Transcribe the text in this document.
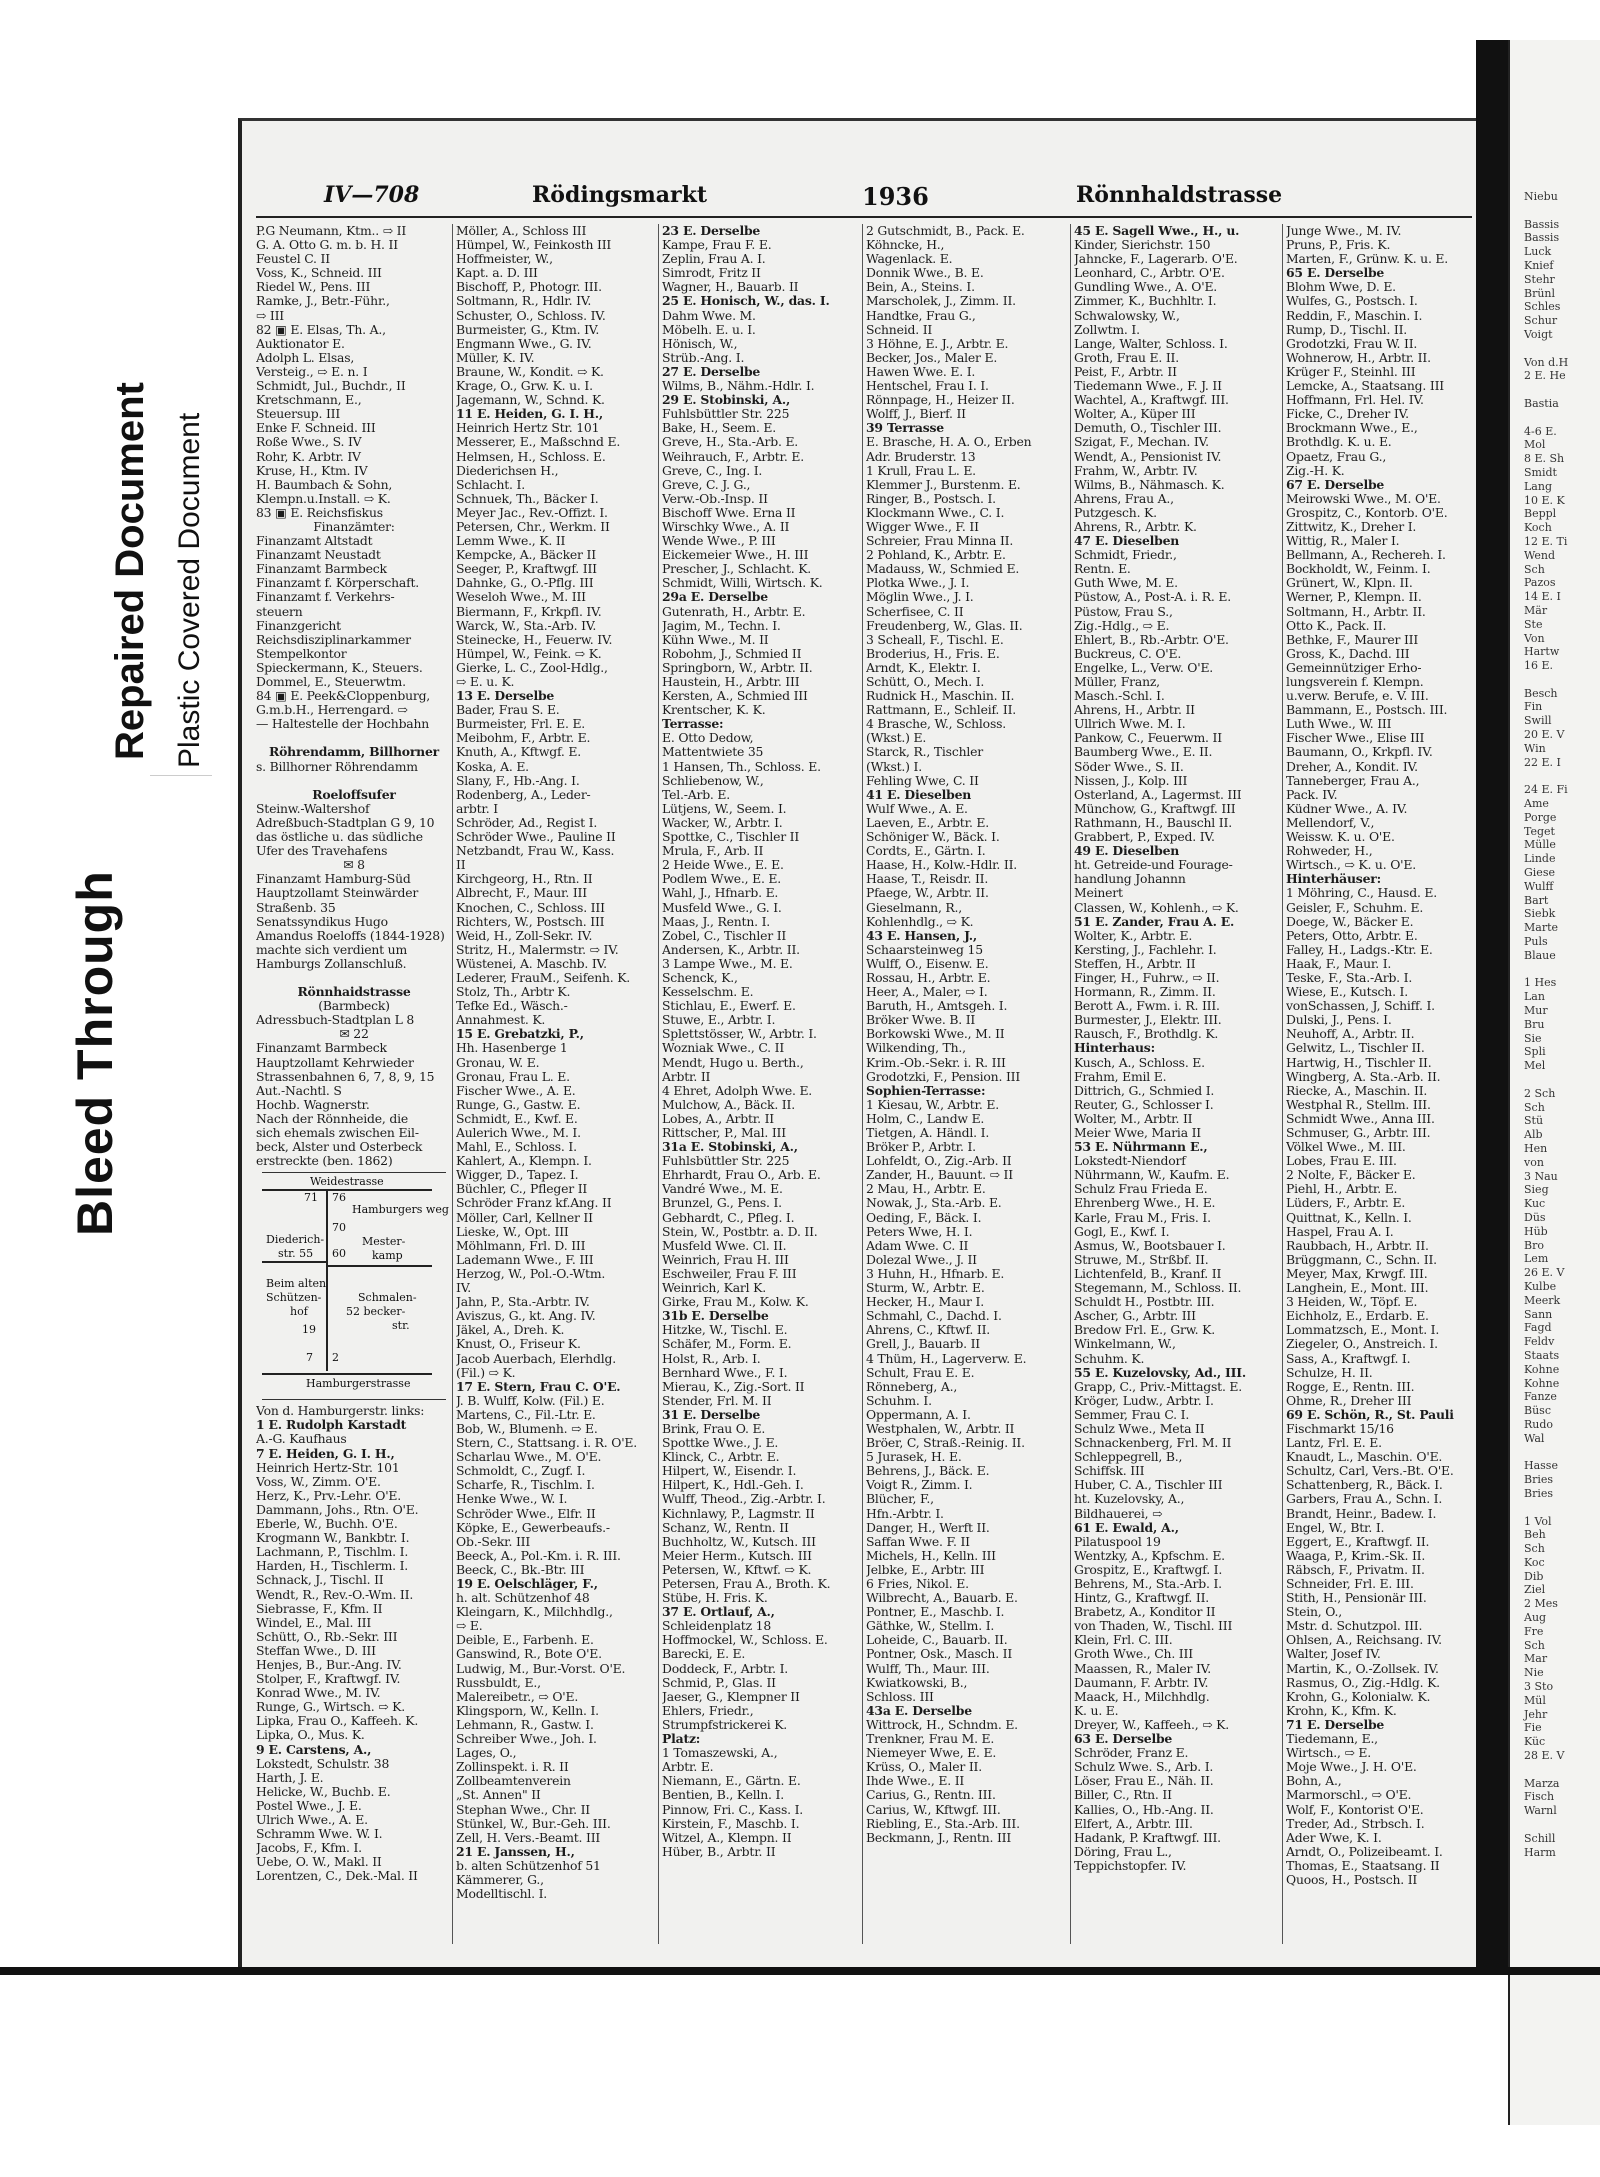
Bleed Through
Repaired Document Plastic Covered Document
IV—708	Rödingsmarkt	1936	Rönnhaldstrasse
P.G Neumann, Ktm.. ⇨ II
G. A. Otto G. m. b. H. II
Feustel C. II
Voss, K., Schneid. III
Riedel W., Pens. III
Ramke, J., Betr.-Führ.,
⇨ III
82 ▣ E. Elsas, Th. A.,
Auktionator E.
Adolph L. Elsas,
Versteig., ⇨ E. n. I
Schmidt, Jul., Buchdr., II
Kretschmann, E.,
Steuersup. III
Enke F. Schneid. III
Roße Wwe., S. IV
Rohr, K. Arbtr. IV
Kruse, H., Ktm. IV
H. Baumbach & Sohn,
Klempn.u.Install. ⇨ K.
83 ▣ E. Reichsfiskus
Finanzämter:
Finanzamt Altstadt
Finanzamt Neustadt
Finanzamt Barmbeck
Finanzamt f. Körperschaft.
Finanzamt f. Verkehrs-
steuern
Finanzgericht
Reichsdisziplinarkammer
Stempelkontor
Spieckermann, K., Steuers.
Dommel, E., Steuerwtm.
84 ▣ E. Peek&Cloppenburg,
G.m.b.H., Herrengard. ⇨
— Haltestelle der Hochbahn
Röhrendamm, Billhorner
s. Billhorner Röhrendamm
Roeloffsufer
Steinw.-Waltershof
Adreßbuch-Stadtplan G 9, 10
das östliche u. das südliche
Ufer des Travehafens
✉ 8
Finanzamt Hamburg-Süd
Hauptzollamt Steinwärder
Straßenb. 35
Senatssyndikus Hugo
Amandus Roeloffs (1844-1928)
machte sich verdient um
Hamburgs Zollanschluß.
Rönnhaidstrasse
(Barmbeck)
Adressbuch-Stadtplan L 8
✉ 22
Finanzamt Barmbeck
Hauptzollamt Kehrwieder
Strassenbahnen 6, 7, 8, 9, 15
Aut.-Nachtl. S
Hochb. Wagnerstr.
Nach der Rönnheide, die
sich ehemals zwischen Eil-
beck, Alster und Osterbeck
erstreckte (ben. 1862)
Weidestrasse
71 76
Hamburgers weg
70
Mester-
kamp
60
Diederich-
str. 55
Beim alten
Schützen-
hof
19
Schmalen-
52 becker-
str.
7 2
Hamburgerstrasse
Von d. Hamburgerstr. links:
1 E. Rudolph Karstadt
A.-G. Kaufhaus
7 E. Heiden, G. I. H.,
Heinrich Hertz-Str. 101
Voss, W., Zimm. O'E.
Herz, K., Prv.-Lehr. O'E.
Dammann, Johs., Rtn. O'E.
Eberle, W., Buchh. O'E.
Krogmann W., Bankbtr. I.
Lachmann, P., Tischlm. I.
Harden, H., Tischlerm. I.
Schnack, J., Tischl. II
Wendt, R., Rev.-O.-Wm. II.
Siebrasse, F., Kfm. II
Windel, E., Mal. III
Schütt, O., Rb.-Sekr. III
Steffan Wwe., D. III
Henjes, B., Bur.-Ang. IV.
Stolper, F., Kraftwgf. IV.
Konrad Wwe., M. IV.
Runge, G., Wirtsch. ⇨ K.
Lipka, Frau O., Kaffeeh. K.
Lipka, O., Mus. K.
9 E. Carstens, A.,
Lokstedt, Schulstr. 38
Harth, J. E.
Helicke, W., Buchb. E.
Postel Wwe., J. E.
Ulrich Wwe., A. E.
Schramm Wwe. W. I.
Jacobs, F., Kfm. I.
Uebe, O. W., Makl. II
Lorentzen, C., Dek.-Mal. II
Möller, A., Schloss III
Hümpel, W., Feinkosth III
Hoffmeister, W.,
Kapt. a. D. III
Bischoff, P., Photogr. III.
Soltmann, R., Hdlr. IV.
Schuster, O., Schloss. IV.
Burmeister, G., Ktm. IV.
Engmann Wwe., G. IV.
Müller, K. IV.
Braune, W., Kondit. ⇨ K.
Krage, O., Grw. K. u. I.
Jagemann, W., Schnd. K.
11 E. Heiden, G. I. H.,
Heinrich Hertz Str. 101
Messerer, E., Maßschnd E.
Helmsen, H., Schloss. E.
Diederichsen H.,
Schlacht. I.
Schnuek, Th., Bäcker I.
Meyer Jac., Rev.-Offizt. I.
Petersen, Chr., Werkm. II
Lemm Wwe., K. II
Kempcke, A., Bäcker II
Seeger, P., Kraftwgf. III
Dahnke, G., O.-Pflg. III
Weseloh Wwe., M. III
Biermann, F., Krkpfl. IV.
Warck, W., Sta.-Arb. IV.
Steinecke, H., Feuerw. IV.
Hümpel, W., Feink. ⇨ K.
Gierke, L. C., Zool-Hdlg.,
⇨ E. u. K.
13 E. Derselbe
Bader, Frau S. E.
Burmeister, Frl. E. E.
Meibohm, F., Arbtr. E.
Knuth, A., Kftwgf. E.
Koska, A. E.
Slany, F., Hb.-Ang. I.
Rodenberg, A., Leder-
arbtr. I
Schröder, Ad., Regist I.
Schröder Wwe., Pauline II
Netzbandt, Frau W., Kass.
II
Kirchgeorg, H., Rtn. II
Albrecht, F., Maur. III
Knochen, C., Schloss. III
Richters, W., Postsch. III
Weid, H., Zoll-Sekr. IV.
Stritz, H., Malermstr. ⇨ IV.
Wüstenei, A. Maschb. IV.
Lederer, FrauM., Seifenh. K.
Stolz, Th., Arbtr K.
Tefke Ed., Wäsch.-
Annahmest. K.
15 E. Grebatzki, P.,
Hh. Hasenberge 1
Gronau, W. E.
Gronau, Frau L. E.
Fischer Wwe., A. E.
Runge, G., Gastw. E.
Schmidt, E., Kwf. E.
Aulerich Wwe., M. I.
Mahl, E., Schloss. I.
Kahlert, A., Klempn. I.
Wigger, D., Tapez. I.
Büchler, C., Pfleger II
Schröder Franz kf.Ang. II
Möller, Carl, Kellner II
Lieske, W., Opt. III
Möhlmann, Frl. D. III
Lademann Wwe., F. III
Herzog, W., Pol.-O.-Wtm.
IV.
Jahn, P., Sta.-Arbtr. IV.
Aviszus, G., kt. Ang. IV.
Jäkel, A., Dreh. K.
Knust, O., Friseur K.
Jacob Auerbach, Elerhdlg.
(Fil.) ⇨ K.
17 E. Stern, Frau C. O'E.
J. B. Wulff, Kolw. (Fil.) E.
Martens, C., Fil.-Ltr. E.
Bob, W., Blumenh. ⇨ E.
Stern, C., Stattsang. i. R. O'E.
Scharlau Wwe., M. O'E.
Schmoldt, C., Zugf. I.
Scharfe, R., Tischlm. I.
Henke Wwe., W. I.
Schröder Wwe., Elfr. II
Köpke, E., Gewerbeaufs.-
Ob.-Sekr. III
Beeck, A., Pol.-Km. i. R. III.
Beeck, C., Bk.-Btr. III
19 E. Oelschläger, F.,
h. alt. Schützenhof 48
Kleingarn, K., Milchhdlg.,
⇨ E.
Deible, E., Farbenh. E.
Ganswind, R., Bote O'E.
Ludwig, M., Bur.-Vorst. O'E.
Russbuldt, E.,
Malereibetr., ⇨ O'E.
Klingsporn, W., Kelln. I.
Lehmann, R., Gastw. I.
Schreiber Wwe., Joh. I.
Lages, O.,
Zollinspekt. i. R. II
Zollbeamtenverein
„St. Annen" II
Stephan Wwe., Chr. II
Stünkel, W., Bur.-Geh. III.
Zell, H. Vers.-Beamt. III
21 E. Janssen, H.,
b. alten Schützenhof 51
Kämmerer, G.,
Modelltischl. I.
23 E. Derselbe
Kampe, Frau F. E.
Zeplin, Frau A. I.
Simrodt, Fritz II
Wagner, H., Bauarb. II
25 E. Honisch, W., das. I.
Dahm Wwe. M.
Möbelh. E. u. I.
Hönisch, W.,
Strüb.-Ang. I.
27 E. Derselbe
Wilms, B., Nähm.-Hdlr. I.
29 E. Stobinski, A.,
Fuhlsbüttler Str. 225
Bake, H., Seem. E.
Greve, H., Sta.-Arb. E.
Weihrauch, F., Arbtr. E.
Greve, C., Ing. I.
Greve, C. J. G.,
Verw.-Ob.-Insp. II
Bischoff Wwe. Erna II
Wirschky Wwe., A. II
Wende Wwe., P. III
Eickemeier Wwe., H. III
Prescher, J., Schlacht. K.
Schmidt, Willi, Wirtsch. K.
29a E. Derselbe
Gutenrath, H., Arbtr. E.
Jagim, M., Techn. I.
Kühn Wwe., M. II
Robohm, J., Schmied II
Springborn, W., Arbtr. II.
Haustein, H., Arbtr. III
Kersten, A., Schmied III
Krentscher, K. K.
Terrasse:
E. Otto Dedow,
Mattentwiete 35
1 Hansen, Th., Schloss. E.
Schliebenow, W.,
Tel.-Arb. E.
Lütjens, W., Seem. I.
Wacker, W., Arbtr. I.
Spottke, C., Tischler II
Mrula, F., Arb. II
2 Heide Wwe., E. E.
Podlem Wwe., E. E.
Wahl, J., Hfnarb. E.
Musfeld Wwe., G. I.
Maas, J., Rentn. I.
Zobel, C., Tischler II
Andersen, K., Arbtr. II.
3 Lampe Wwe., M. E.
Schenck, K.,
Kesselschm. E.
Stichlau, E., Ewerf. E.
Stuwe, E., Arbtr. I.
Splettstösser, W., Arbtr. I.
Wozniak Wwe., C. II
Mendt, Hugo u. Berth.,
Arbtr. II
4 Ehret, Adolph Wwe. E.
Mulchow, A., Bäck. II.
Lobes, A., Arbtr. II
Rittscher, P., Mal. III
31a E. Stobinski, A.,
Fuhlsbüttler Str. 225
Ehrhardt, Frau O., Arb. E.
Vandré Wwe., M. E.
Brunzel, G., Pens. I.
Gebhardt, C., Pfleg. I.
Stein, W., Postbtr. a. D. II.
Musfeld Wwe. Cl. II.
Weinrich, Frau H. III
Eschweiler, Frau F. III
Weinrich, Karl K.
Girke, Frau M., Kolw. K.
31b E. Derselbe
Hitzke, W., Tischl. E.
Schäfer, M., Form. E.
Holst, R., Arb. I.
Bernhard Wwe., F. I.
Mierau, K., Zig.-Sort. II
Stender, Frl. M. II
31 E. Derselbe
Brink, Frau O. E.
Spottke Wwe., J. E.
Klinck, C., Arbtr. E.
Hilpert, W., Eisendr. I.
Hilpert, K., Hdl.-Geh. I.
Wulff, Theod., Zig.-Arbtr. I.
Kichnlawy, P., Lagmstr. II
Schanz, W., Rentn. II
Buchholtz, W., Kutsch. III
Meier Herm., Kutsch. III
Petersen, W., Kftwf. ⇨ K.
Petersen, Frau A., Broth. K.
Stübe, H. Fris. K.
37 E. Ortlauf, A.,
Schleidenplatz 18
Hoffmockel, W., Schloss. E.
Barecki, E. E.
Doddeck, F., Arbtr. I.
Schmid, P., Glas. II
Jaeser, G., Klempner II
Ehlers, Friedr.,
Strumpfstrickerei K.
Platz:
1 Tomaszewski, A.,
Arbtr. E.
Niemann, E., Gärtn. E.
Bentien, B., Kelln. I.
Pinnow, Fri. C., Kass. I.
Kirstein, F., Maschb. I.
Witzel, A., Klempn. II
Hüber, B., Arbtr. II
2 Gutschmidt, B., Pack. E.
Köhncke, H.,
Wagenlack. E.
Donnik Wwe., B. E.
Bein, A., Steins. I.
Marscholek, J., Zimm. II.
Handtke, Frau G.,
Schneid. II
3 Höhne, E. J., Arbtr. E.
Becker, Jos., Maler E.
Hawen Wwe. E. I.
Hentschel, Frau I. I.
Rönnpage, H., Heizer II.
Wolff, J., Bierf. II
39 Terrasse
E. Brasche, H. A. O., Erben
Adr. Bruderstr. 13
1 Krull, Frau L. E.
Klemmer J., Burstenm. E.
Ringer, B., Postsch. I.
Klockmann Wwe., C. I.
Wigger Wwe., F. II
Schreier, Frau Minna II.
2 Pohland, K., Arbtr. E.
Madauss, W., Schmied E.
Plotka Wwe., J. I.
Möglin Wwe., J. I.
Scherfisee, C. II
Freudenberg, W., Glas. II.
3 Scheall, F., Tischl. E.
Broderius, H., Fris. E.
Arndt, K., Elektr. I.
Schütt, O., Mech. I.
Rudnick H., Maschin. II.
Rattmann, E., Schleif. II.
4 Brasche, W., Schloss.
(Wkst.) E.
Starck, R., Tischler
(Wkst.) I.
Fehling Wwe, C. II
41 E. Dieselben
Wulf Wwe., A. E.
Laeven, E., Arbtr. E.
Schöniger W., Bäck. I.
Cordts, E., Gärtn. I.
Haase, H., Kolw.-Hdlr. II.
Haase, T., Reisdr. II.
Pfaege, W., Arbtr. II.
Gieselmann, R.,
Kohlenhdlg., ⇨ K.
43 E. Hansen, J.,
Schaarsteinweg 15
Wulff, O., Eisenw. E.
Rossau, H., Arbtr. E.
Heer, A., Maler, ⇨ I.
Baruth, H., Amtsgeh. I.
Bröker Wwe. B. II
Borkowski Wwe., M. II
Wilkending, Th.,
Krim.-Ob.-Sekr. i. R. III
Grodotzki, F., Pension. III
Sophien-Terrasse:
1 Kiesau, W., Arbtr. E.
Holm, C., Landw E.
Tietgen, A. Händl. I.
Bröker P., Arbtr. I.
Lohfeldt, O., Zig.-Arb. II
Zander, H., Bauunt. ⇨ II
2 Mau, H., Arbtr. E.
Nowak, J., Sta.-Arb. E.
Oeding, F., Bäck. I.
Peters Wwe, H. I.
Adam Wwe. C. II
Dolezal Wwe., J. II
3 Huhn, H., Hfnarb. E.
Sturm, W., Arbtr. E.
Hecker, H., Maur I.
Schmahl, C., Dachd. I.
Ahrens, C., Kftwf. II.
Grell, J., Bauarb. II
4 Thüm, H., Lagerverw. E.
Schult, Frau E. E.
Rönneberg, A.,
Schuhm. I.
Oppermann, A. I.
Westphalen, W., Arbtr. II
Bröer, C, Straß.-Reinig. II.
5 Jurasek, H. E.
Behrens, J., Bäck. E.
Voigt R., Zimm. I.
Blücher, F.,
Hfn.-Arbtr. I.
Danger, H., Werft II.
Saffan Wwe. F. II
Michels, H., Kelln. III
Jelbke, E., Arbtr. III
6 Fries, Nikol. E.
Wilbrecht, A., Bauarb. E.
Pontner, E., Maschb. I.
Gäthke, W., Stellm. I.
Loheide, C., Bauarb. II.
Pontner, Osk., Masch. II
Wulff, Th., Maur. III.
Kwiatkowski, B.,
Schloss. III
43a E. Derselbe
Wittrock, H., Schndm. E.
Trenkner, Frau M. E.
Niemeyer Wwe, E. E.
Krüss, O., Maler II.
Ihde Wwe., E. II
Carius, G., Rentn. III.
Carius, W., Kftwgf. III.
Riebling, E., Sta.-Arb. III.
Beckmann, J., Rentn. III
45 E. Sagell Wwe., H., u.
Kinder, Sierichstr. 150
Jahncke, F., Lagerarb. O'E.
Leonhard, C., Arbtr. O'E.
Gundling Wwe., A. O'E.
Zimmer, K., Buchhltr. I.
Schwalowsky, W.,
Zollwtm. I.
Lange, Walter, Schloss. I.
Groth, Frau E. II.
Peist, F., Arbtr. II
Tiedemann Wwe., F. J. II
Wachtel, A., Kraftwgf. III.
Wolter, A., Küper III
Demuth, O., Tischler III.
Szigat, F., Mechan. IV.
Wendt, A., Pensionist IV.
Frahm, W., Arbtr. IV.
Wilms, B., Nähmasch. K.
Ahrens, Frau A.,
Putzgesch. K.
Ahrens, R., Arbtr. K.
47 E. Dieselben
Schmidt, Friedr.,
Rentn. E.
Guth Wwe, M. E.
Püstow, A., Post-A. i. R. E.
Püstow, Frau S.,
Zig.-Hdlg., ⇨ E.
Ehlert, B., Rb.-Arbtr. O'E.
Buckreus, C. O'E.
Engelke, L., Verw. O'E.
Müller, Franz,
Masch.-Schl. I.
Ahrens, H., Arbtr. II
Ullrich Wwe. M. I.
Pankow, C., Feuerwm. II
Baumberg Wwe., E. II.
Söder Wwe., S. II.
Nissen, J., Kolp. III
Osterland, A., Lagermst. III
Münchow, G., Kraftwgf. III
Rathmann, H., Bauschl II.
Grabbert, P., Exped. IV.
49 E. Dieselben
ht. Getreide-und Fourage-
handlung Johannn
Meinert
Classen, W., Kohlenh., ⇨ K.
51 E. Zander, Frau A. E.
Wolter, K., Arbtr. E.
Kersting, J., Fachlehr. I.
Steffen, H., Arbtr. II
Finger, H., Fuhrw., ⇨ II.
Hormann, R., Zimm. II.
Berott A., Fwm. i. R. III.
Burmester, J., Elektr. III.
Rausch, F., Brothdlg. K.
Hinterhaus:
Kusch, A., Schloss. E.
Frahm, Emil E.
Dittrich, G., Schmied I.
Reuter, G., Schlosser I.
Wolter, M., Arbtr. II
Meier Wwe, Maria II
53 E. Nührmann E.,
Lokstedt-Niendorf
Nührmann, W., Kaufm. E.
Schulz Frau Frieda E.
Ehrenberg Wwe., H. E.
Karle, Frau M., Fris. I.
Gogl, E., Kwf. I.
Asmus, W., Bootsbauer I.
Struwe, M., Strßbf. II.
Lichtenfeld, B., Kranf. II
Stegemann, M., Schloss. II.
Schuldt H., Postbtr. III.
Ascher, G., Arbtr. III
Bredow Frl. E., Grw. K.
Winkelmann, W.,
Schuhm. K.
55 E. Kuzelovsky, Ad., III.
Grapp, C., Priv.-Mittagst. E.
Kröger, Ludw., Arbtr. I.
Semmer, Frau C. I.
Schulz Wwe., Meta II
Schnackenberg, Frl. M. II
Schleppegrell, B.,
Schiffsk. III
Huber, C. A., Tischler III
ht. Kuzelovsky, A.,
Bildhauerei, ⇨
61 E. Ewald, A.,
Pilatuspool 19
Wentzky, A., Kpfschm. E.
Grospitz, E., Kraftwgf. I.
Behrens, M., Sta.-Arb. I.
Hintz, G., Kraftwgf. II.
Brabetz, A., Konditor II
von Thaden, W., Tischl. III
Klein, Frl. C. III.
Groth Wwe., Ch. III
Maassen, R., Maler IV.
Daumann, F. Arbtr. IV.
Maack, H., Milchhdlg.
K. u. E.
Dreyer, W., Kaffeeh., ⇨ K.
63 E. Derselbe
Schröder, Franz E.
Schulz Wwe. S., Arb. I.
Löser, Frau E., Näh. II.
Biller, C., Rtn. II
Kallies, O., Hb.-Ang. II.
Elfert, A., Arbtr. III.
Hadank, P. Kraftwgf. III.
Döring, Frau L.,
Teppichstopfer. IV.
Junge Wwe., M. IV.
Pruns, P., Fris. K.
Marten, F., Grünw. K. u. E.
65 E. Derselbe
Blohm Wwe, D. E.
Wulfes, G., Postsch. I.
Reddin, F., Maschin. I.
Rump, D., Tischl. II.
Grodotzki, Frau W. II.
Wohnerow, H., Arbtr. II.
Krüger F., Steinhl. III
Lemcke, A., Staatsang. III
Hoffmann, Frl. Hel. IV.
Ficke, C., Dreher IV.
Brockmann Wwe., E.,
Brothdlg. K. u. E.
Opaetz, Frau G.,
Zig.-H. K.
67 E. Derselbe
Meirowski Wwe., M. O'E.
Grospitz, C., Kontorb. O'E.
Zittwitz, K., Dreher I.
Wittig, R., Maler I.
Bellmann, A., Rechereh. I.
Bockholdt, W., Feinm. I.
Grünert, W., Klpn. II.
Werner, P., Klempn. II.
Soltmann, H., Arbtr. II.
Otto K., Pack. II.
Bethke, F., Maurer III
Gross, K., Dachd. III
Gemeinnütziger Erho-
lungsverein f. Klempn.
u.verw. Berufe, e. V. III.
Bammann, E., Postsch. III.
Luth Wwe., W. III
Fischer Wwe., Elise III
Baumann, O., Krkpfl. IV.
Dreher, A., Kondit. IV.
Tanneberger, Frau A.,
Pack. IV.
Küdner Wwe., A. IV.
Mellendorf, V.,
Weissw. K. u. O'E.
Rohweder, H.,
Wirtsch., ⇨ K. u. O'E.
Hinterhäuser:
1 Möhring, C., Hausd. E.
Geisler, F., Schuhm. E.
Doege, W., Bäcker E.
Peters, Otto, Arbtr. E.
Falley, H., Ladgs.-Ktr. E.
Haak, F., Maur. I.
Teske, F., Sta.-Arb. I.
Wiese, E., Kutsch. I.
vonSchassen, J, Schiff. I.
Dulski, J., Pens. I.
Neuhoff, A., Arbtr. II.
Gelwitz, L., Tischler II.
Hartwig, H., Tischler II.
Wingberg, A. Sta.-Arb. II.
Riecke, A., Maschin. II.
Westphal R., Stellm. III.
Schmidt Wwe., Anna III.
Schmuser, G., Arbtr. III.
Völkel Wwe., M. III.
Lobes, Frau E. III.
2 Nolte, F., Bäcker E.
Piehl, H., Arbtr. E.
Lüders, F., Arbtr. E.
Quittnat, K., Kelln. I.
Haspel, Frau A. I.
Raubbach, H., Arbtr. II.
Brüggmann, C., Schn. II.
Meyer, Max, Krwgf. III.
Langhein, E., Mont. III.
3 Heiden, W., Töpf. E.
Eichholz, E., Erdarb. E.
Lommatzsch, E., Mont. I.
Ziegeler, O., Anstreich. I.
Sass, A., Kraftwgf. I.
Schulze, H. II.
Rogge, E., Rentn. III.
Ohme, R., Dreher III
69 E. Schön, R., St. Pauli
Fischmarkt 15/16
Lantz, Frl. E. E.
Knaudt, L., Maschin. O'E.
Schultz, Carl, Vers.-Bt. O'E.
Schattenberg, R., Bäck. I.
Garbers, Frau A., Schn. I.
Brandt, Heinr., Badew. I.
Engel, W., Btr. I.
Eggert, E., Kraftwgf. II.
Waaga, P., Krim.-Sk. II.
Räbsch, F., Privatm. II.
Schneider, Frl. E. III.
Stith, H., Pensionär III.
Stein, O.,
Mstr. d. Schutzpol. III.
Ohlsen, A., Reichsang. IV.
Walter, Josef IV.
Martin, K., O.-Zollsek. IV.
Rasmus, O., Zig.-Hdlg. K.
Krohn, G., Kolonialw. K.
Krohn, K., Kfm. K.
71 E. Derselbe
Tiedemann, E.,
Wirtsch., ⇨ E.
Moje Wwe., J. H. O'E.
Bohn, A.,
Marmorschl., ⇨ O'E.
Wolf, F., Kontorist O'E.
Treder, Ad., Strbsch. I.
Ader Wwe, K. I.
Arndt, O., Polizeibeamt. I.
Thomas, E., Staatsang. II
Quoos, H., Postsch. II
Niebu
Bassis
Bassis
Luck
Knief
Stehr
Brünl
Schles
Schur
Voigt
Von d.H
2 E. He
Bastia
4-6 E.
Mol
8 E. Sh
Smidt
Lang
10 E. K
Beppl
Koch
12 E. Ti
Wend
Sch
Pazos
14 E. I
Mär
Ste
Von
Hartw
16 E.
Besch
Fin
Swill
20 E. V
Win
22 E. I
24 E. Fi
Ame
Porge
Teget
Mülle
Linde
Giese
Wulff
Bart
Siebk
Marte
Puls
Blaue
1 Hes
Lan
Mur
Bru
Sie
Spli
Mel
2 Sch
Sch
Stü
Alb
Hen
von
3 Nau
Sieg
Kuc
Düs
Hüb
Bro
Lem
26 E. V
Kulbe
Meerk
Sann
Fagd
Feldv
Staats
Kohne
Kohne
Fanze
Büsc
Rudo
Wal
Hasse
Bries
Bries
1 Vol
Beh
Sch
Koc
Dib
Ziel
2 Mes
Aug
Fre
Sch
Mar
Nie
3 Sto
Mül
Jehr
Fie
Küc
28 E. V
Marza
Fisch
Warnl
Schill
Harm
